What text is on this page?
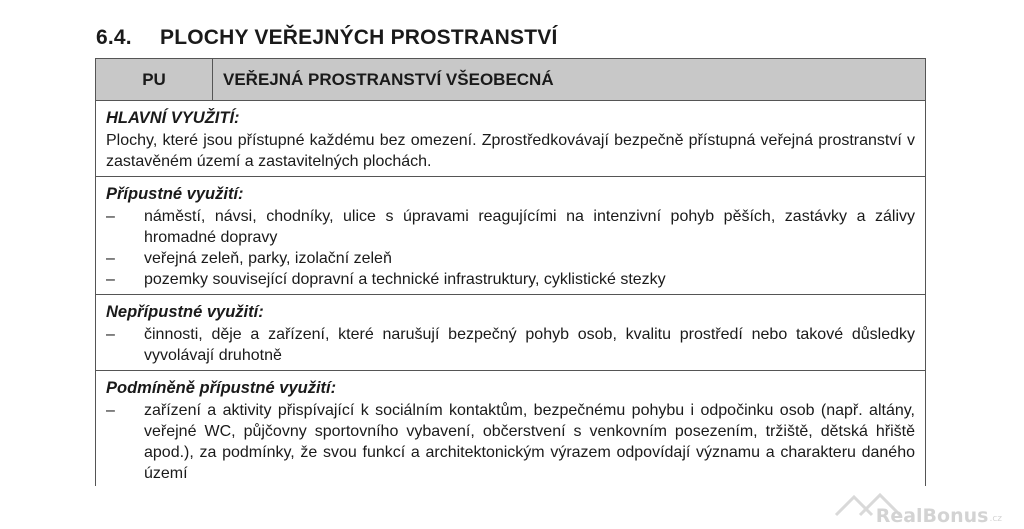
6.4.	PLOCHY VEŘEJNÝCH PROSTRANSTVÍ
PU	VEŘEJNÁ PROSTRANSTVÍ VŠEOBECNÁ
HLAVNÍ VYUŽITÍ:
Plochy, které jsou přístupné každému bez omezení. Zprostředkovávají bezpečně přístupná veřejná prostranství v zastavěném území a zastavitelných plochách.
Přípustné využití:
–	náměstí, návsi, chodníky, ulice s úpravami reagujícími na intenzivní pohyb pěších, zastávky a zálivy hromadné dopravy
–	veřejná zeleň, parky, izolační zeleň
–	pozemky související dopravní a technické infrastruktury, cyklistické stezky
Nepřípustné využití:
–	činnosti, děje a zařízení, které narušují bezpečný pohyb osob, kvalitu prostředí nebo takové důsledky vyvolávají druhotně
Podmíněně přípustné využití:
–	zařízení a aktivity přispívající k sociálním kontaktům, bezpečnému pohybu i odpočinku osob (např. altány, veřejné WC, půjčovny sportovního vybavení, občerstvení s venkovním posezením, tržiště, dětská hřiště apod.), za podmínky, že svou funkcí a architektonickým výrazem odpovídají významu a charakteru daného území
RealBonus .cz
